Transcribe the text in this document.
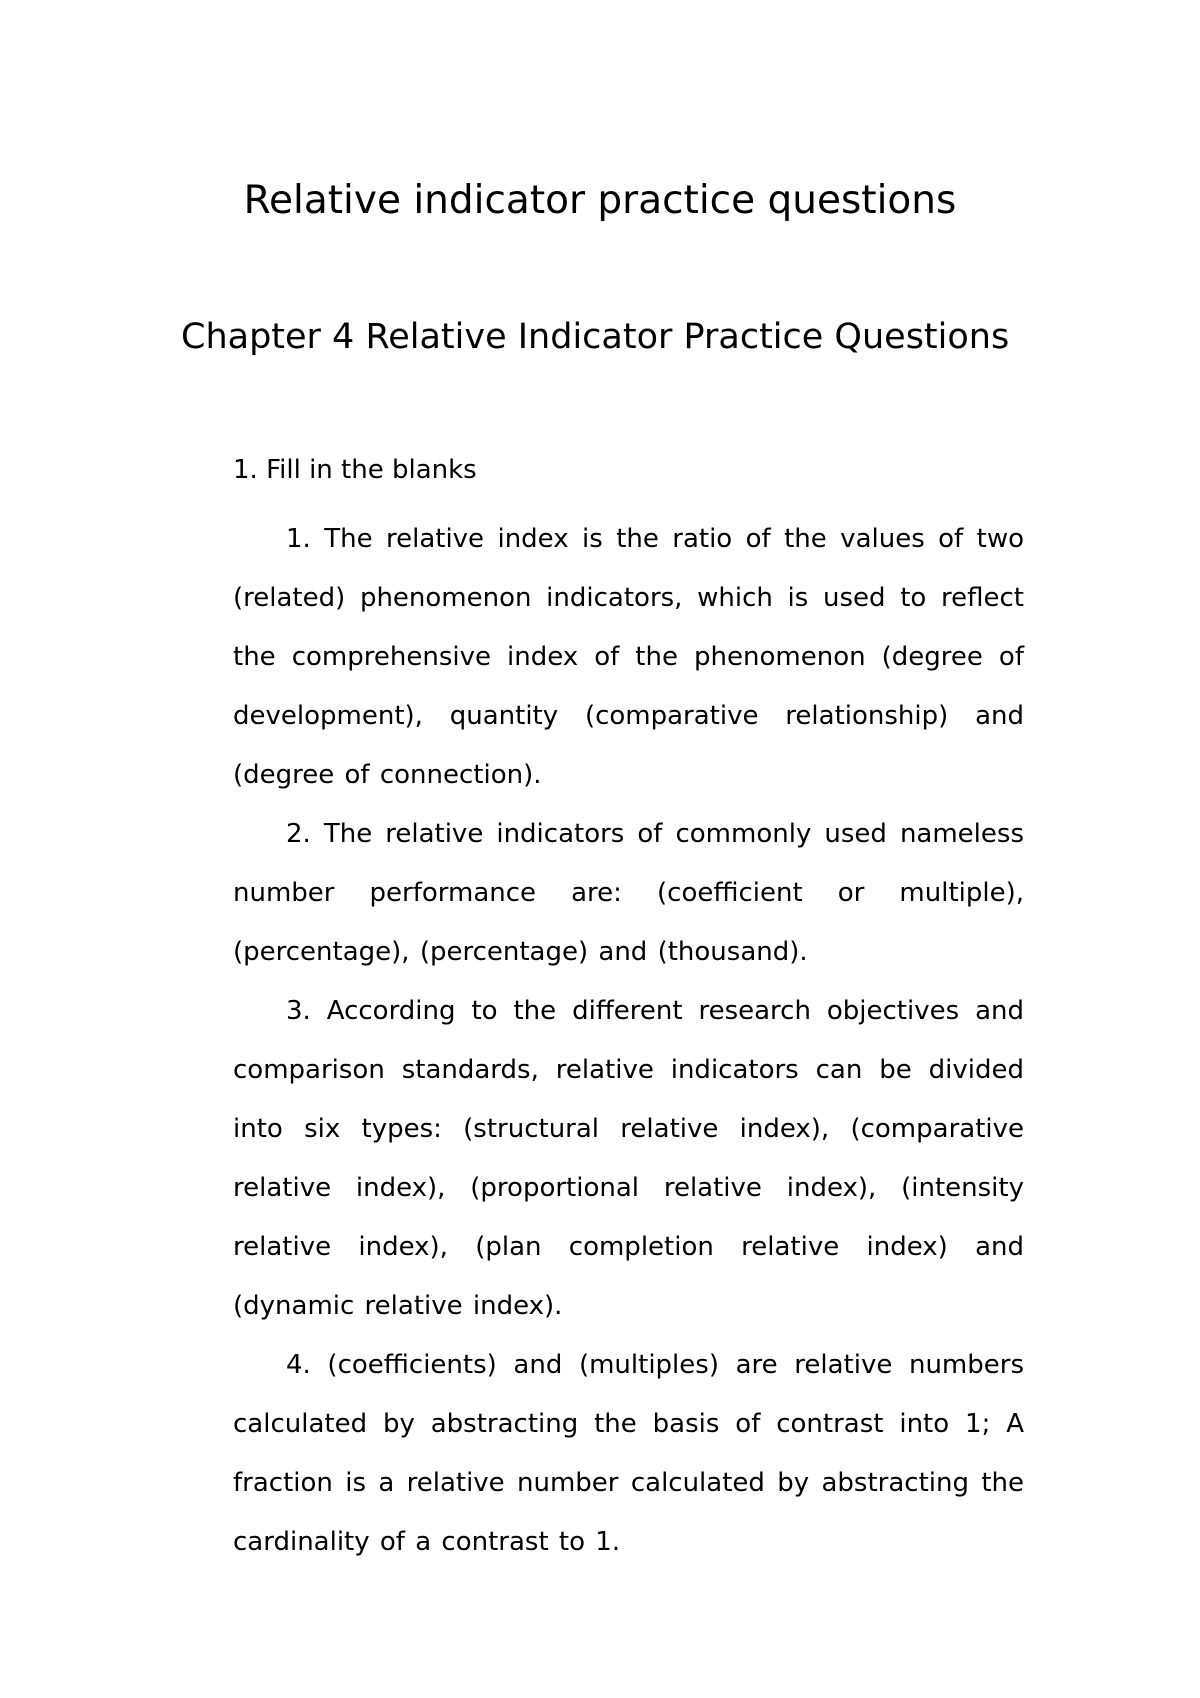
Relative indicator practice questions
Chapter 4 Relative Indicator Practice Questions

1. Fill in the blanks

1. The relative index is the ratio of the values of two (related) phenomenon indicators, which is used to reflect the comprehensive index of the phenomenon (degree of development), quantity (comparative relationship) and (degree of connection).

2. The relative indicators of commonly used nameless number performance are: (coefficient or multiple), (percentage), (percentage) and (thousand).

3. According to the different research objectives and comparison standards, relative indicators can be divided into six types: (structural relative index), (comparative relative index), (proportional relative index), (intensity relative index), (plan completion relative index) and (dynamic relative index).

4. (coefficients) and (multiples) are relative numbers calculated by abstracting the basis of contrast into 1; A fraction is a relative number calculated by abstracting the cardinality of a contrast to 1.
